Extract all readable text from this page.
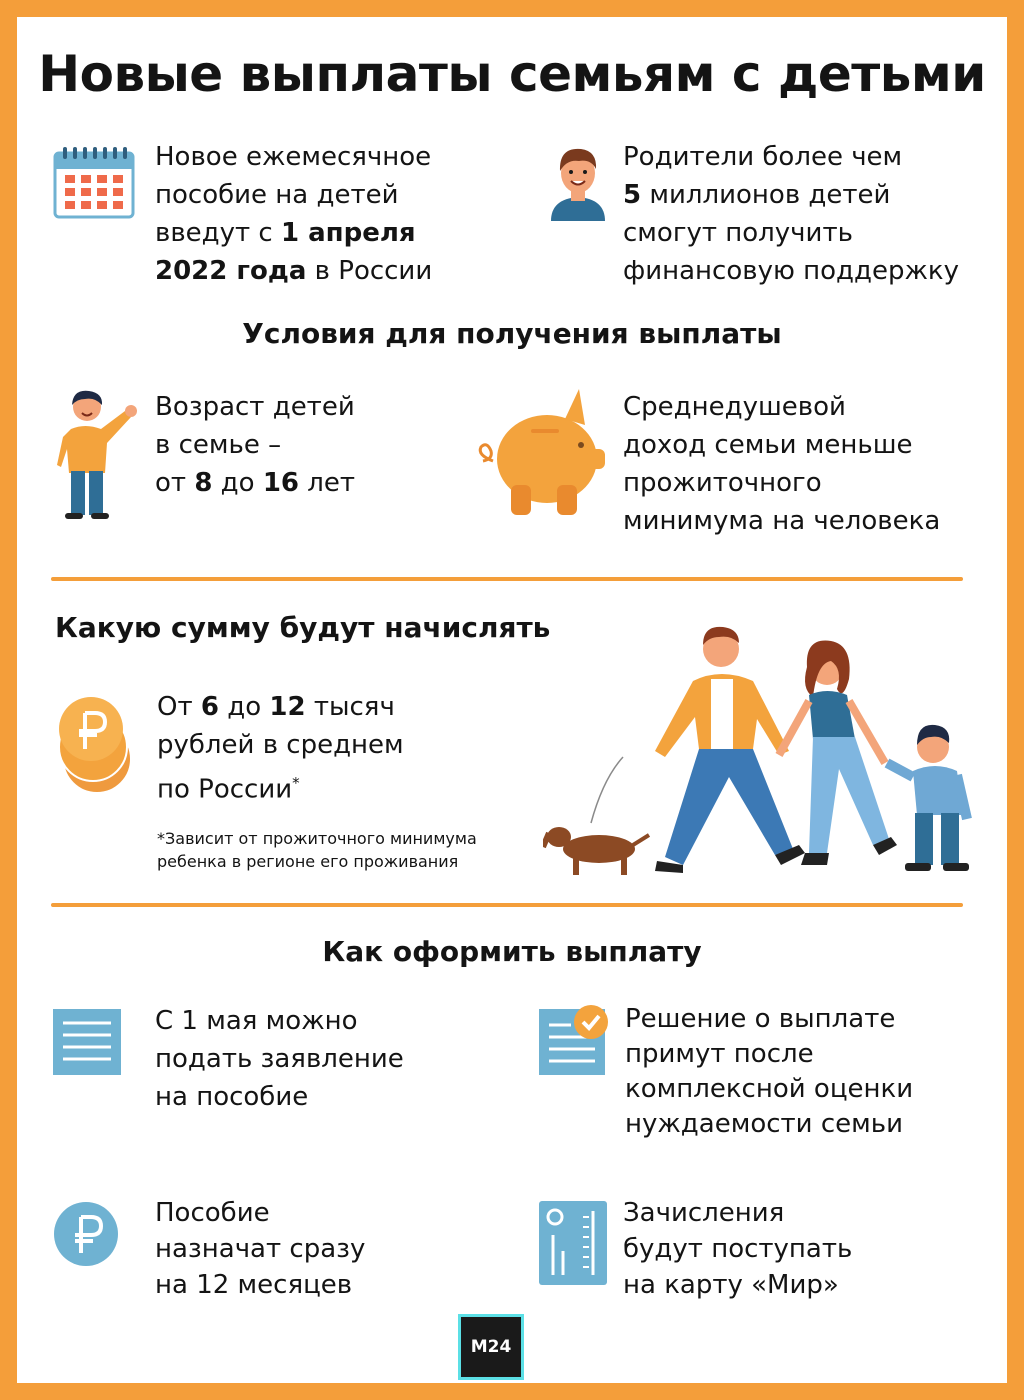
Новые выплаты семьям с детьми
Новое ежемесячное
пособие на детей
введут с 1 апреля
2022 года в России
Родители более чем
5 миллионов детей
смогут получить
финансовую поддержку
Условия для получения выплаты
Возраст детей
в семье –
от 8 до 16 лет
Среднедушевой
доход семьи меньше
прожиточного
минимума на человека
Какую сумму будут начислять
От 6 до 12 тысяч
рублей в среднем
по России*
*Зависит от прожиточного минимума
ребенка в регионе его проживания
Как оформить выплату
С 1 мая можно
подать заявление
на пособие
Решение о выплате
примут после
комплексной оценки
нуждаемости семьи
Пособие
назначат сразу
на 12 месяцев
Зачисления
будут поступать
на карту «Мир»
М24
